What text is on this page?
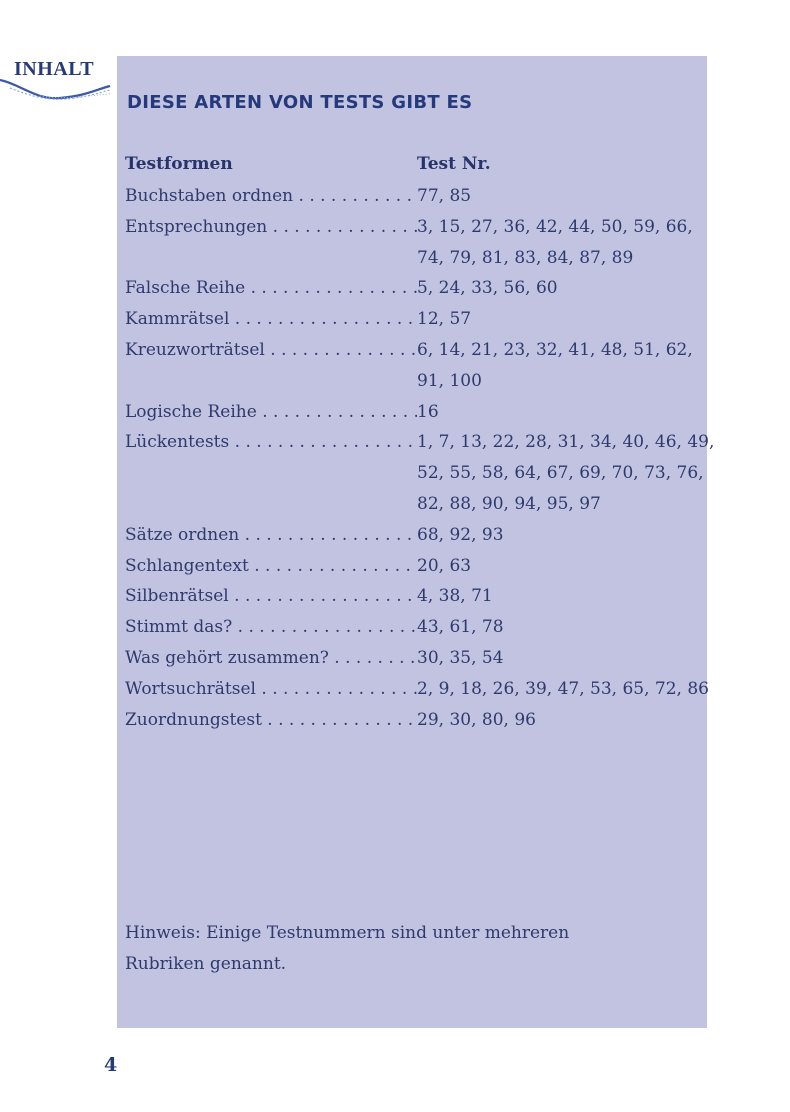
INHALT
DIESE ARTEN VON TESTS GIBT ES
Testformen	Test Nr.
Buchstaben ordnen . . .	77, 85
Entsprechungen . . .	3, 15, 27, 36, 42, 44, 50, 59, 66,
74, 79, 81, 83, 84, 87, 89
Falsche Reihe . . .	5, 24, 33, 56, 60
Kammrätsel . . .	12, 57
Kreuzworträtsel . . .	6, 14, 21, 23, 32, 41, 48, 51, 62,
91, 100
Logische Reihe . . .	16
Lückentests . . .	1, 7, 13, 22, 28, 31, 34, 40, 46, 49,
52, 55, 58, 64, 67, 69, 70, 73, 76,
82, 88, 90, 94, 95, 97
Sätze ordnen . . .	68, 92, 93
Schlangentext . . .	20, 63
Silbenrätsel . . .	4, 38, 71
Stimmt das? . . .	43, 61, 78
Was gehört zusammen? . . .	30, 35, 54
Wortsuchrätsel . . .	2, 9, 18, 26, 39, 47, 53, 65, 72, 86
Zuordnungstest . . .	29, 30, 80, 96
Hinweis: Einige Testnummern sind unter mehreren
Rubriken genannt.
4
